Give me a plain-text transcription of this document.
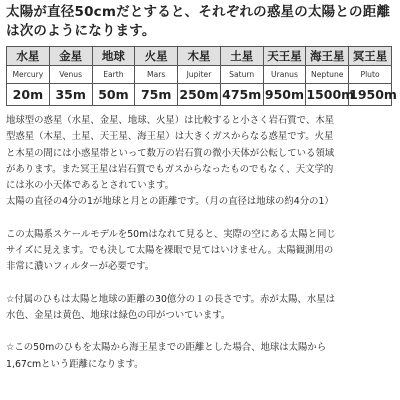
太陽が直径50cmだとすると、それぞれの惑星の太陽との距離
は次のようになります。

水星	金星	地球	火星	木星	土星	天王星	海王星	冥王星
Mercury	Venus	Earth	Mars	Jupiter	Saturn	Uranus	Neptune	Pluto
20m	35m	50m	75m	250m	475m	950m	1500m	1950m

地球型の惑星（水星、金星、地球、火星）は比較すると小さく岩石質で、木星

型惑星（木星、土星、天王星、海王星）は大きくガスからなる惑星です。火星

と木星の間には小惑星帯といって数万の岩石質の微小天体が公転している領域

があります。また冥王星は岩石質でもガスからなったものでもなく、天文学的

には氷の小天体であるとされています。

太陽の直径の4分の1が地球と月との距離です。（月の直径は地球の約4分の1）

この太陽系スケールモデルを50mはなれて見ると、実際の空にある太陽と同じ

サイズに見えます。でも決して太陽を裸眼で見てはいけません。太陽観測用の

非常に濃いフィルターが必要です。

☆付属のひもは太陽と地球の距離の30億分の１の長さです。赤が太陽、水星は

水色、金星は黄色、地球は緑色の印がついています。

☆この50mのひもを太陽から海王星までの距離とした場合、地球は太陽から

1,67cmという距離になります。
